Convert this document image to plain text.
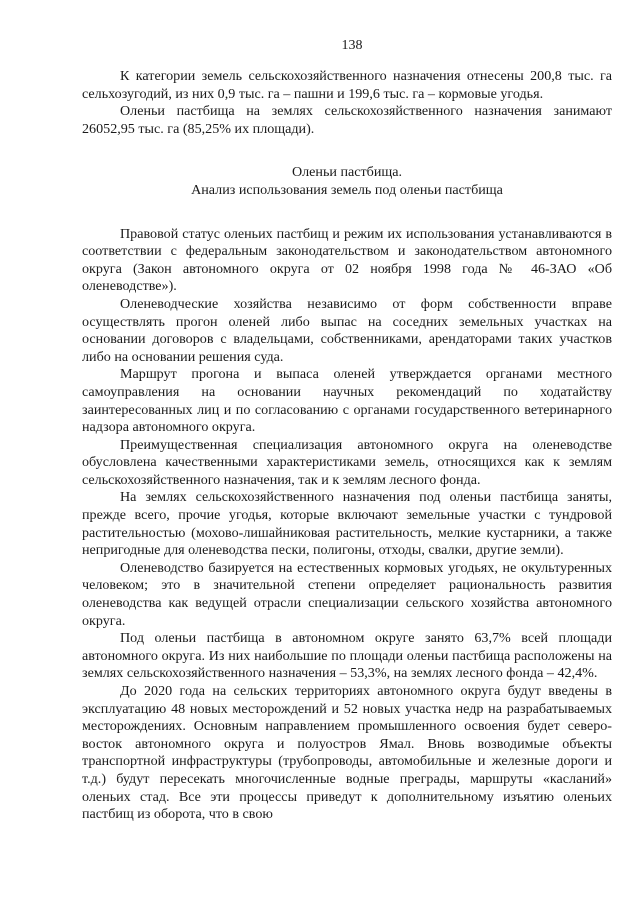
138

К категории земель сельскохозяйственного назначения отнесены 200,8 тыс. га сельхозугодий, из них 0,9 тыс. га – пашни и 199,6 тыс. га – кормовые угодья.

Оленьи пастбища на землях сельскохозяйственного назначения занимают 26052,95 тыс. га (85,25% их площади).

Оленьи пастбища.

Анализ использования земель под оленьи пастбища

Правовой статус оленьих пастбищ и режим их использования устанавливаются в соответствии с федеральным законодательством и законодательством автономного округа (Закон автономного округа от 02 ноября 1998 года № 46-ЗАО «Об оленеводстве»).

Оленеводческие хозяйства независимо от форм собственности вправе осуществлять прогон оленей либо выпас на соседних земельных участках на основании договоров с владельцами, собственниками, арендаторами таких участков либо на основании решения суда.

Маршрут прогона и выпаса оленей утверждается органами местного самоуправления на основании научных рекомендаций по ходатайству заинтересованных лиц и по согласованию с органами государственного ветеринарного надзора автономного округа.

Преимущественная специализация автономного округа на оленеводстве обусловлена качественными характеристиками земель, относящихся как к землям сельскохозяйственного назначения, так и к землям лесного фонда.

На землях сельскохозяйственного назначения под оленьи пастбища заняты, прежде всего, прочие угодья, которые включают земельные участки с тундровой растительностью (мохово-лишайниковая растительность, мелкие кустарники, а также непригодные для оленеводства пески, полигоны, отходы, свалки, другие земли).

Оленеводство базируется на естественных кормовых угодьях, не окультуренных человеком; это в значительной степени определяет рациональность развития оленеводства как ведущей отрасли специализации сельского хозяйства автономного округа.

Под оленьи пастбища в автономном округе занято 63,7% всей площади автономного округа. Из них наибольшие по площади оленьи пастбища расположены на землях сельскохозяйственного назначения – 53,3%, на землях лесного фонда – 42,4%.

До 2020 года на сельских территориях автономного округа будут введены в эксплуатацию 48 новых месторождений и 52 новых участка недр на разрабатываемых месторождениях. Основным направлением промышленного освоения будет северо-восток автономного округа и полуостров Ямал. Вновь возводимые объекты транспортной инфраструктуры (трубопроводы, автомобильные и железные дороги и т.д.) будут пересекать многочисленные водные преграды, маршруты «касланий» оленьих стад. Все эти процессы приведут к дополнительному изъятию оленьих пастбищ из оборота, что в свою
